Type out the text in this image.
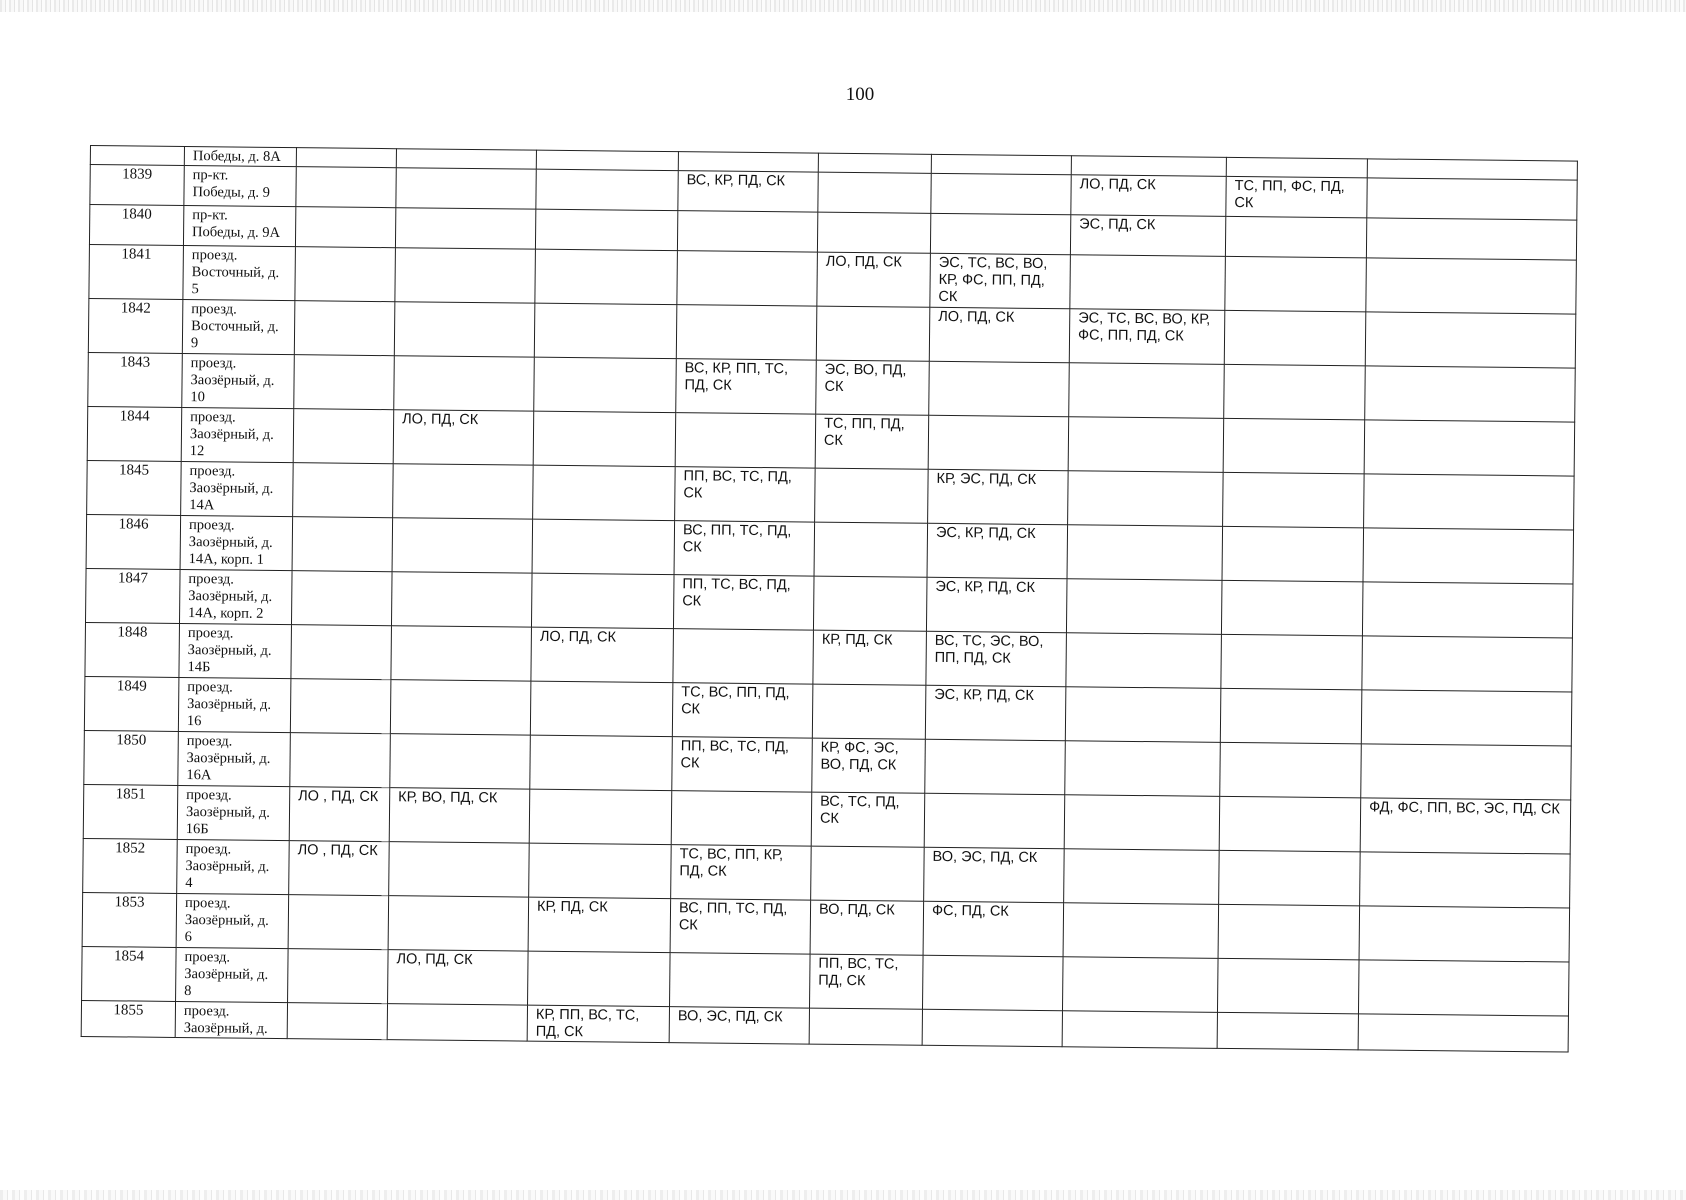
100
	Победы, д. 8А									
1839	пр-кт.
Победы, д. 9				ВС, КР, ПД, СК			ЛО, ПД, СК	ТС, ПП, ФС, ПД, СК	
1840	пр-кт.
Победы, д. 9А							ЭС, ПД, СК		
1841	проезд.
Восточный, д.
5					ЛО, ПД, СК	ЭС, ТС, ВС, ВО, КР, ФС, ПП, ПД, СК			
1842	проезд.
Восточный, д.
9						ЛО, ПД, СК	ЭС, ТС, ВС, ВО, КР, ФС, ПП, ПД, СК		
1843	проезд.
Заозёрный, д.
10				ВС, КР, ПП, ТС, ПД, СК	ЭС, ВО, ПД, СК				
1844	проезд.
Заозёрный, д.
12		ЛО, ПД, СК			ТС, ПП, ПД, СК				
1845	проезд.
Заозёрный, д.
14А				ПП, ВС, ТС, ПД, СК		КР, ЭС, ПД, СК			
1846	проезд.
Заозёрный, д.
14А, корп. 1				ВС, ПП, ТС, ПД, СК		ЭС, КР, ПД, СК			
1847	проезд.
Заозёрный, д.
14А, корп. 2				ПП, ТС, ВС, ПД, СК		ЭС, КР, ПД, СК			
1848	проезд.
Заозёрный, д.
14Б			ЛО, ПД, СК		КР, ПД, СК	ВС, ТС, ЭС, ВО, ПП, ПД, СК			
1849	проезд.
Заозёрный, д.
16				ТС, ВС, ПП, ПД, СК		ЭС, КР, ПД, СК			
1850	проезд.
Заозёрный, д.
16А				ПП, ВС, ТС, ПД, СК	КР, ФС, ЭС, ВО, ПД, СК				
1851	проезд.
Заозёрный, д.
16Б	ЛО , ПД, СК	КР, ВО, ПД, СК			ВС, ТС, ПД, СК				ФД, ФС, ПП, ВС, ЭС, ПД, СК
1852	проезд.
Заозёрный, д.
4	ЛО , ПД, СК			ТС, ВС, ПП, КР, ПД, СК		ВО, ЭС, ПД, СК			
1853	проезд.
Заозёрный, д.
6			КР, ПД, СК	ВС, ПП, ТС, ПД, СК	ВО, ПД, СК	ФС, ПД, СК			
1854	проезд.
Заозёрный, д.
8		ЛО, ПД, СК			ПП, ВС, ТС, ПД, СК				
1855	проезд.
Заозёрный, д.			КР, ПП, ВС, ТС, ПД, СК	ВО, ЭС, ПД, СК					
